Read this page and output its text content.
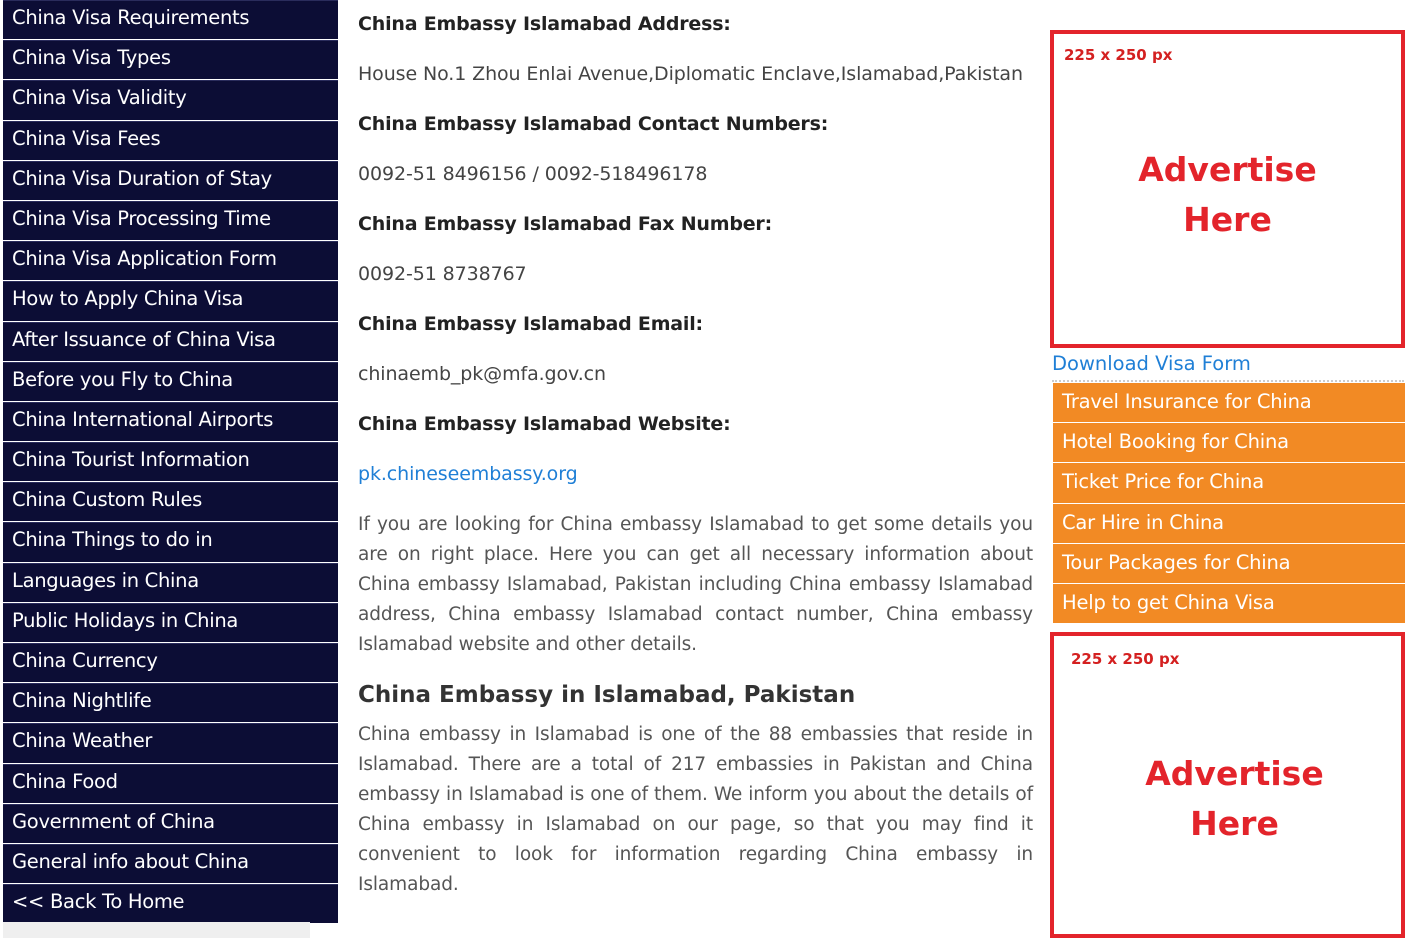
China Visa Requirements
China Visa Types
China Visa Validity
China Visa Fees
China Visa Duration of Stay
China Visa Processing Time
China Visa Application Form
How to Apply China Visa
After Issuance of China Visa
Before you Fly to China
China International Airports
China Tourist Information
China Custom Rules
China Things to do in
Languages in China
Public Holidays in China
China Currency
China Nightlife
China Weather
China Food
Government of China
General info about China
<< Back To Home
China Embassy Islamabad Address:
House No.1 Zhou Enlai Avenue,Diplomatic Enclave,Islamabad,Pakistan
China Embassy Islamabad Contact Numbers:
0092-51 8496156 / 0092-518496178
China Embassy Islamabad Fax Number:
0092-51 8738767
China Embassy Islamabad Email:
chinaemb_pk@mfa.gov.cn
China Embassy Islamabad Website:
pk.chineseembassy.org

If you are looking for China embassy Islamabad to get some details you are on right place. Here you can get all necessary information about China embassy Islamabad, Pakistan including China embassy Islamabad address, China embassy Islamabad contact number, China embassy Islamabad website and other details.

China Embassy in Islamabad, Pakistan

China embassy in Islamabad is one of the 88 embassies that reside in Islamabad. There are a total of 217 embassies in Pakistan and China embassy in Islamabad is one of them. We inform you about the details of China embassy in Islamabad on our page, so that you may find it convenient to look for information regarding China embassy in Islamabad.

225 x 250 px
Advertise
Here
Download Visa Form
Travel Insurance for China
Hotel Booking for China
Ticket Price for China
Car Hire in China
Tour Packages for China
Help to get China Visa
225 x 250 px
Advertise
Here
